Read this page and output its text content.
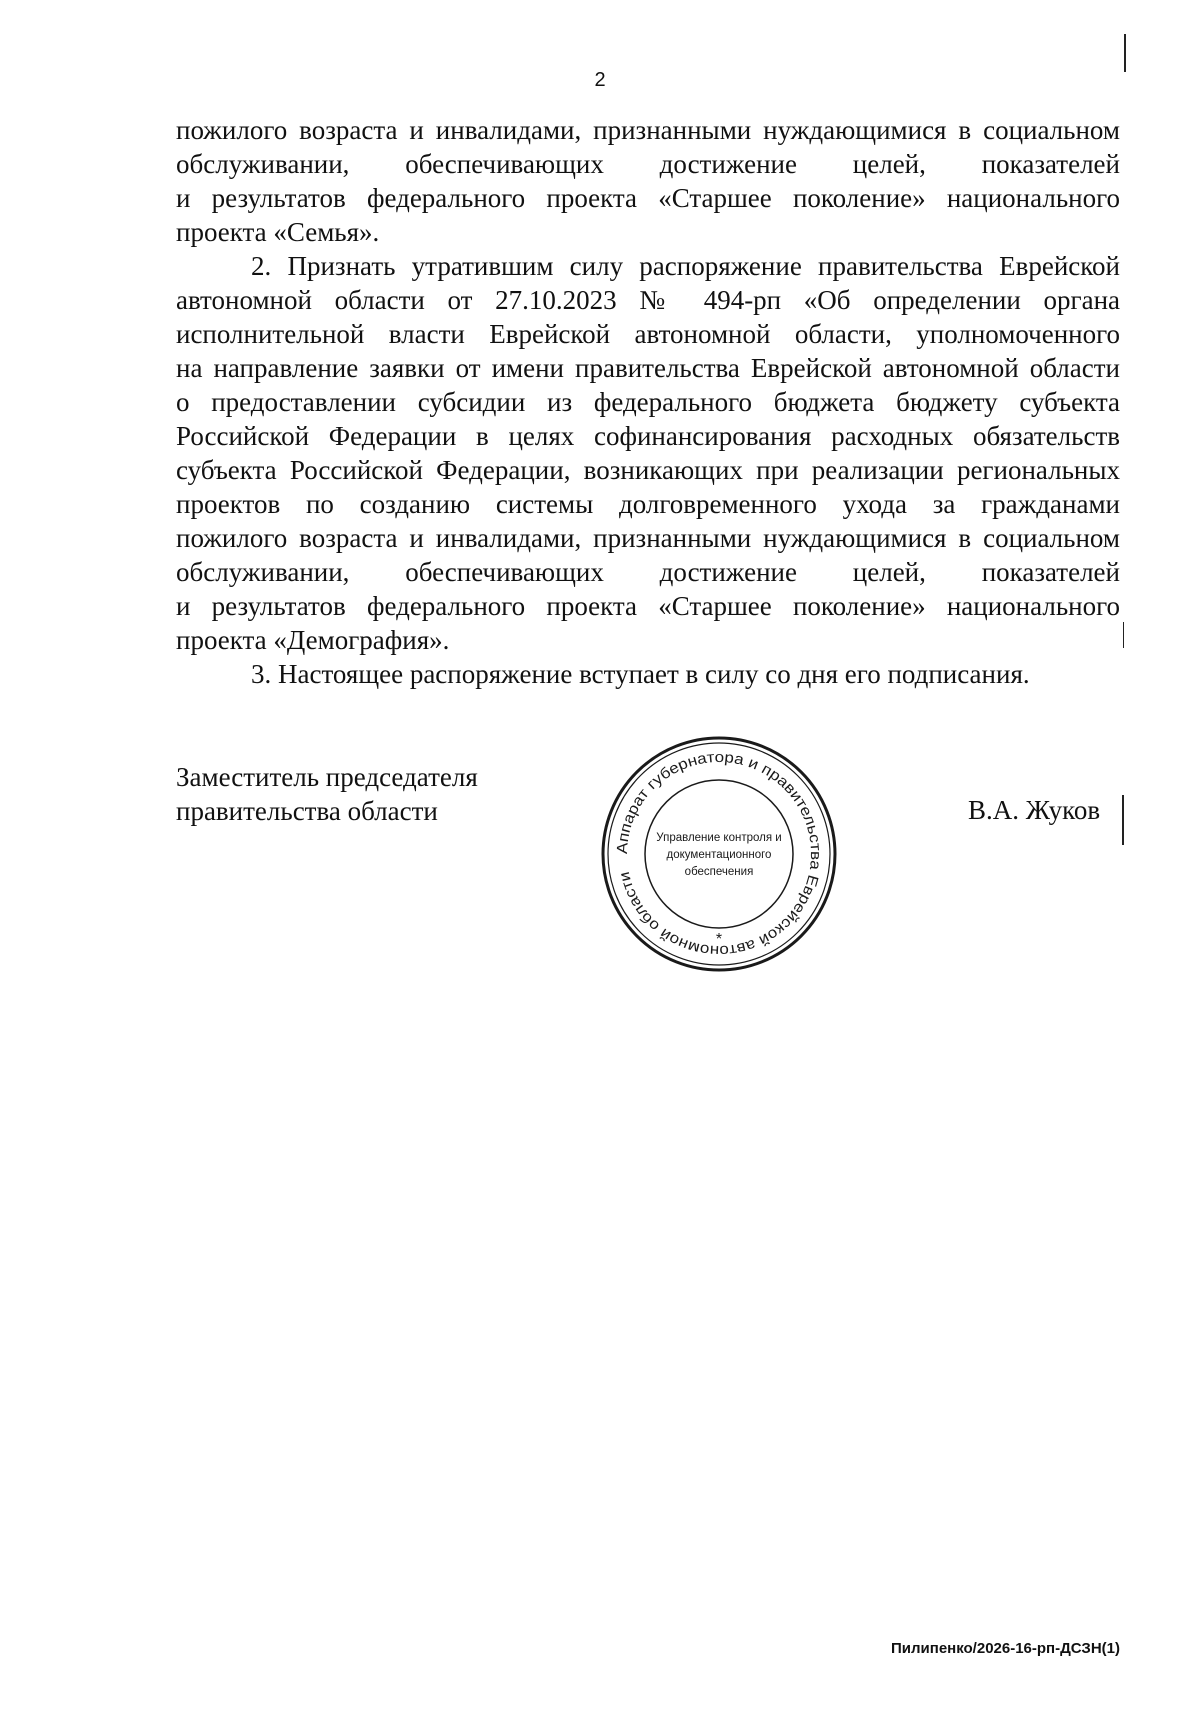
2
пожилого возраста и инвалидами, признанными нуждающимися в социальном
обслуживании, обеспечивающих достижение целей, показателей
и результатов федерального проекта «Старшее поколение» национального
проекта «Семья».
2. Признать утратившим силу распоряжение правительства Еврейской
автономной области от 27.10.2023 № 494-рп «Об определении органа
исполнительной власти Еврейской автономной области, уполномоченного
на направление заявки от имени правительства Еврейской автономной области
о предоставлении субсидии из федерального бюджета бюджету субъекта
Российской Федерации в целях софинансирования расходных обязательств
субъекта Российской Федерации, возникающих при реализации региональных
проектов по созданию системы долговременного ухода за гражданами
пожилого возраста и инвалидами, признанными нуждающимися в социальном
обслуживании, обеспечивающих достижение целей, показателей
и результатов федерального проекта «Старшее поколение» национального
проекта «Демография».
3. Настоящее распоряжение вступает в силу со дня его подписания.
Заместитель председателя
правительства области	В.А. Жуков
Аппарат губернатора и правительства Еврейской автономной области
*
Управление контроля и
документационного
обеспечения
Пилипенко/2026-16-рп-ДСЗН(1)
